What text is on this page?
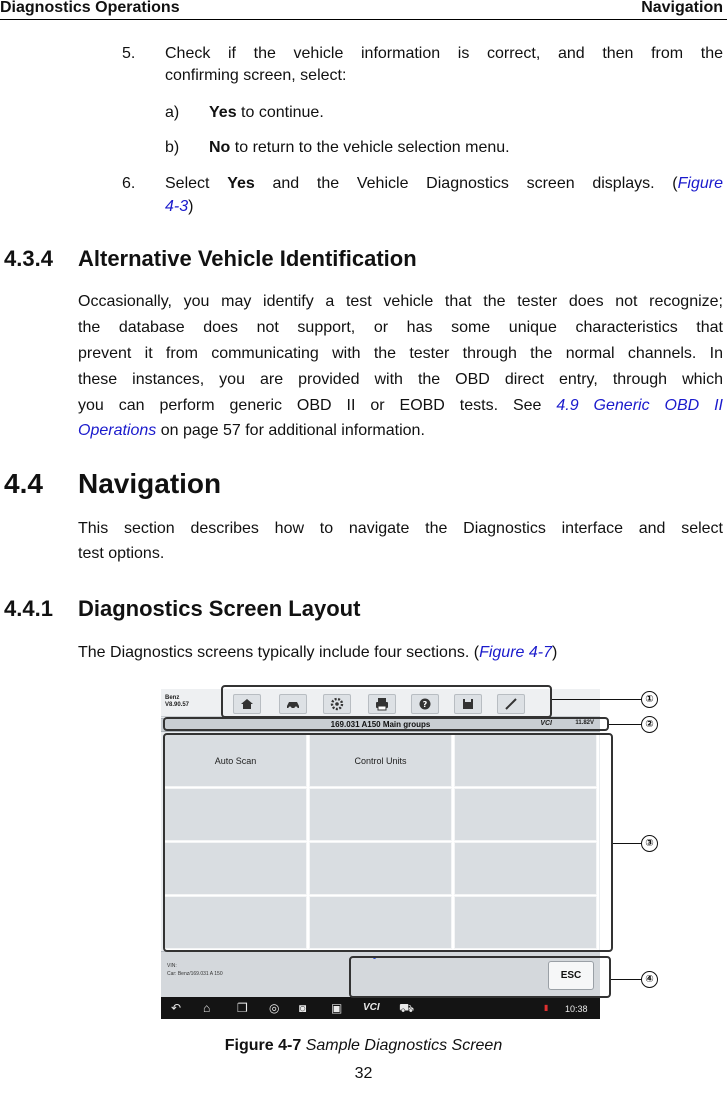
Diagnostics Operations	Navigation
5. Check if the vehicle information is correct, and then from the
confirming screen, select:
a) Yes to continue.
b) No to return to the vehicle selection menu.
6. Select Yes and the Vehicle Diagnostics screen displays. (Figure
4-3)
4.3.4 Alternative Vehicle Identification
Occasionally, you may identify a test vehicle that the tester does not recognize;
the database does not support, or has some unique characteristics that
prevent it from communicating with the tester through the normal channels. In
these instances, you are provided with the OBD direct entry, through which
you can perform generic OBD II or EOBD tests. See 4.9 Generic OBD II
Operations on page 57 for additional information.
4.4 Navigation
This section describes how to navigate the Diagnostics interface and select
test options.
4.4.1 Diagnostics Screen Layout
The Diagnostics screens typically include four sections. (Figure 4-7)
Benz
V8.90.57	?
169.031 A150 Main groups	VCI	11.82V
Auto Scan	Control Units
VIN:
Car: Benz/169.031 A 150	ESC
↶ ⌂ ❐ ◎ ◙ ▣ VCI ⛟	▮ 10:38
①
②
③
④
Figure 4-7 Sample Diagnostics Screen
32
